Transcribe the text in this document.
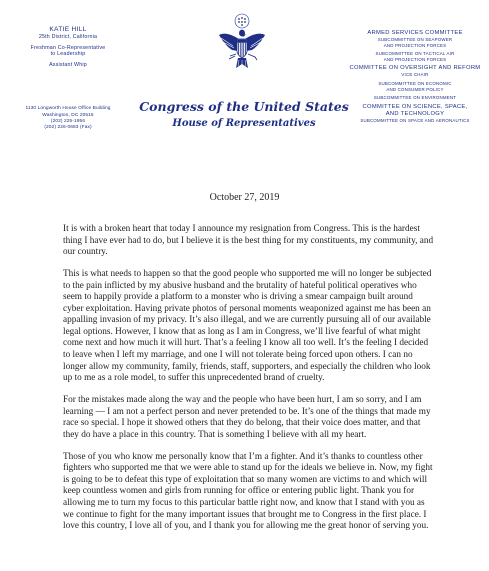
KATIE HILL
25th District, California
Freshman Co-Representative
to Leadership
Assistant Whip
1130 Longworth House Office Building
Washington, DC 20515
(202) 225-1956
(202) 226-0683 (Fax)
Congress of the United States
House of Representatives
ARMED SERVICES COMMITTEE
SUBCOMMITTEE ON SEAPOWER
AND PROJECTION FORCES
SUBCOMMITTEE ON TACTICAL AIR
AND PROJECTION FORCES
COMMITTEE ON OVERSIGHT AND REFORM
VICE CHAIR
SUBCOMMITTEE ON ECONOMIC
AND CONSUMER POLICY
SUBCOMMITTEE ON ENVIRONMENT
COMMITTEE ON SCIENCE, SPACE,
AND TECHNOLOGY
SUBCOMMITTEE ON SPACE AND AERONAUTICS
October 27, 2019

It is with a broken heart that today I announce my resignation from Congress. This is the hardest thing I have ever had to do, but I believe it is the best thing for my constituents, my community, and our country.

This is what needs to happen so that the good people who supported me will no longer be subjected to the pain inflicted by my abusive husband and the brutality of hateful political operatives who seem to happily provide a platform to a monster who is driving a smear campaign built around cyber exploitation. Having private photos of personal moments weaponized against me has been an appalling invasion of my privacy. It’s also illegal, and we are currently pursuing all of our available legal options. However, I know that as long as I am in Congress, we’ll live fearful of what might come next and how much it will hurt. That’s a feeling I know all too well. It’s the feeling I decided to leave when I left my marriage, and one I will not tolerate being forced upon others. I can no longer allow my community, family, friends, staff, supporters, and especially the children who look up to me as a role model, to suffer this unprecedented brand of cruelty.

For the mistakes made along the way and the people who have been hurt, I am so sorry, and I am learning — I am not a perfect person and never pretended to be. It’s one of the things that made my race so special. I hope it showed others that they do belong, that their voice does matter, and that they do have a place in this country. That is something I believe with all my heart.

Those of you who know me personally know that I’m a fighter. And it’s thanks to countless other fighters who supported me that we were able to stand up for the ideals we believe in. Now, my fight is going to be to defeat this type of exploitation that so many women are victims to and which will keep countless women and girls from running for office or entering public light. Thank you for allowing me to turn my focus to this particular battle right now, and know that I stand with you as we continue to fight for the many important issues that brought me to Congress in the first place. I love this country, I love all of you, and I thank you for allowing me the great honor of serving you.
